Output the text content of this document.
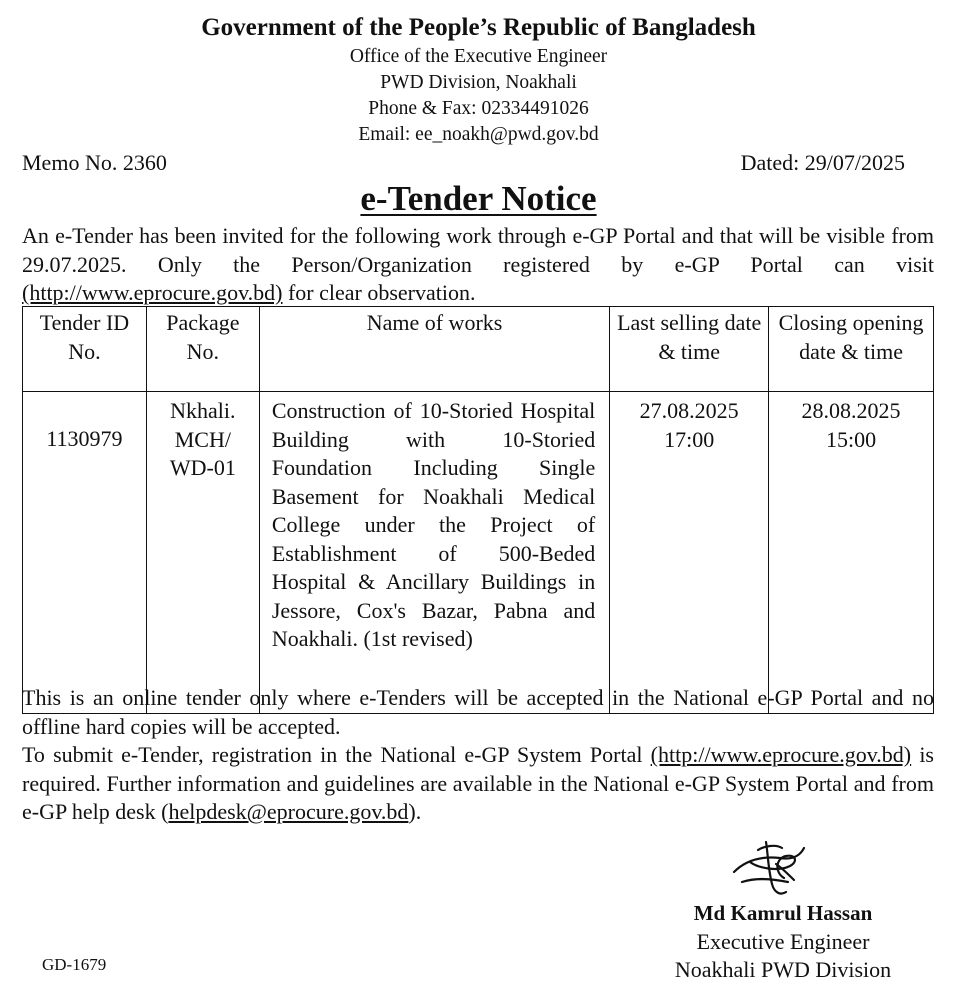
Government of the People’s Republic of Bangladesh
Office of the Executive Engineer
PWD Division, Noakhali
Phone & Fax: 02334491026
Email: ee_noakh@pwd.gov.bd
Memo No. 2360	Dated: 29/07/2025
e-Tender Notice
An e-Tender has been invited for the following work through e-GP Portal and that will be visible from 29.07.2025. Only the Person/Organization registered by e-GP Portal can visit (http://www.eprocure.gov.bd) for clear observation.
Tender ID No.	Package No.	Name of works	Last selling date & time	Closing opening date & time
1130979	Nkhali. MCH/ WD-01	Construction of 10-Storied Hospital Building with 10-Storied Foundation Including Single Basement for Noakhali Medical College under the Project of Establishment of 500-Beded Hospital & Ancillary Buildings in Jessore, Cox's Bazar, Pabna and Noakhali. (1st revised)	27.08.2025 17:00	28.08.2025 15:00
This is an online tender only where e-Tenders will be accepted in the National e-GP Portal and no offline hard copies will be accepted.
To submit e-Tender, registration in the National e-GP System Portal (http://www.eprocure.gov.bd) is required. Further information and guidelines are available in the National e-GP System Portal and from e-GP help desk (helpdesk@eprocure.gov.bd).
Md Kamrul Hassan
Executive Engineer
Noakhali PWD Division
GD-1679
